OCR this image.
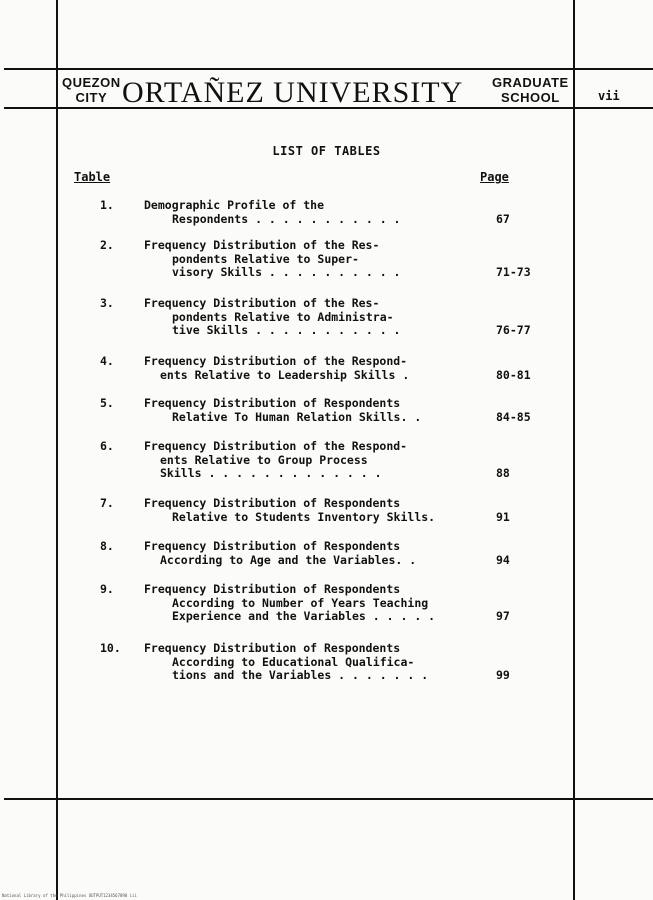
QUEZON
CITY ORTAÑEZ UNIVERSITY GRADUATE
SCHOOL	vii
LIST OF TABLES
Table	Page
1.	Demographic Profile of the
Respondents . . . . . . . . . . .	67
2.	Frequency Distribution of the Res-
pondents Relative to Super-
visory Skills . . . . . . . . . .	71-73
3.	Frequency Distribution of the Res-
pondents Relative to Administra-
tive Skills . . . . . . . . . . .	76-77
4.	Frequency Distribution of the Respond-
ents Relative to Leadership Skills .	80-81
5.	Frequency Distribution of Respondents
Relative To Human Relation Skills. .	84-85
6.	Frequency Distribution of the Respond-
ents Relative to Group Process
Skills . . . . . . . . . . . . .	88
7.	Frequency Distribution of Respondents
Relative to Students Inventory Skills.	91
8.	Frequency Distribution of Respondents
According to Age and the Variables. .	94
9.	Frequency Distribution of Respondents
According to Number of Years Teaching
Experience and the Variables . . . . .	97
10.	Frequency Distribution of Respondents
According to Educational Qualifica-
tions and the Variables . . . . . . .	99
National Library of the Philippines OUTPUT1234567890 iii
